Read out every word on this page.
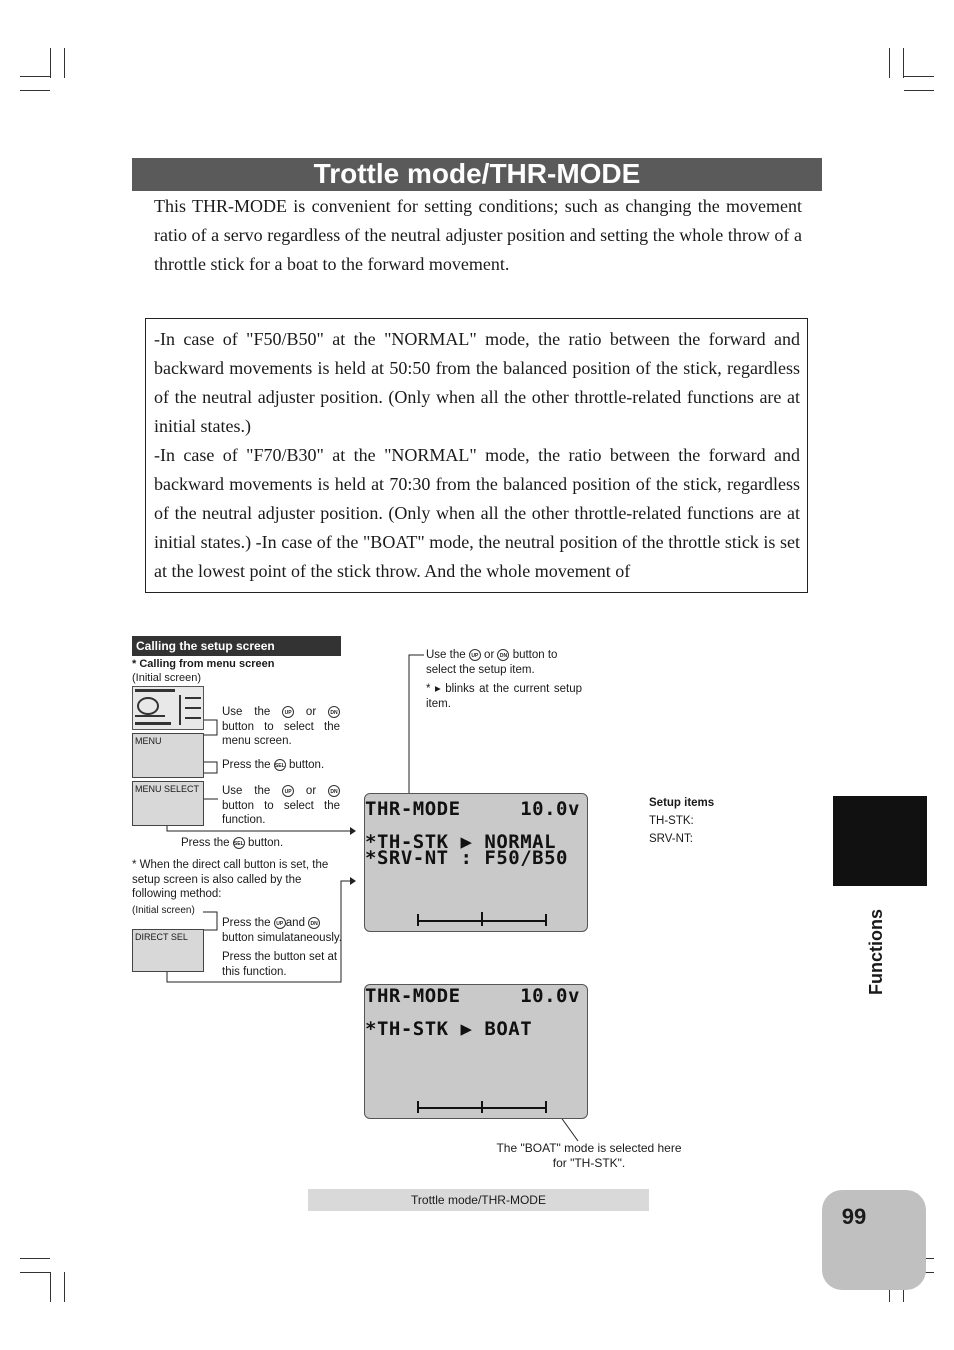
Trottle mode/THR-MODE
This THR-MODE is convenient for setting conditions; such as changing the movement ratio of a servo regardless of the neutral adjuster position and setting the whole throw of a throttle stick for a boat to the forward movement.

-In case of "F50/B50" at the "NORMAL" mode, the ratio between the forward and backward movements is held at 50:50 from the balanced position of the stick, regardless of the neutral adjuster position. (Only when all the other throttle-related functions are at initial states.)

-In case of "F70/B30" at the "NORMAL" mode, the ratio between the forward and backward movements is held at 70:30 from the balanced position of the stick, regardless of the neutral adjuster position. (Only when all the other throttle-related functions are at initial states.) -In case of the "BOAT" mode, the neutral position of the throttle stick is set at the lowest point of the stick throw. And the whole movement of

Calling the setup screen
* Calling from menu screen
(Initial screen)
Use the	UP or	DN button to select the menu screen.
MENU
Press the SEL button.
MENU SELECT	Use the	UP or	DN button to select the function.
Press the SEL button.
* When the direct call button is set, the setup screen is also called by the following method:
(Initial screen)
Press the UP and DN button simulataneously.
DIRECT SEL
Press the button set at this function.
Use the UP or DN button to select the setup item.
* ▸ blinks at the current setup item.
THR-MODE     10.0v
*TH-STK ▶ NORMAL
*SRV-NT : F50/B50
THR-MODE     10.0v
*TH-STK ▶ BOAT
Setup items
TH-STK:
SRV-NT:
The "BOAT" mode is selected here for "TH-STK".
Functions
99
Trottle mode/THR-MODE
